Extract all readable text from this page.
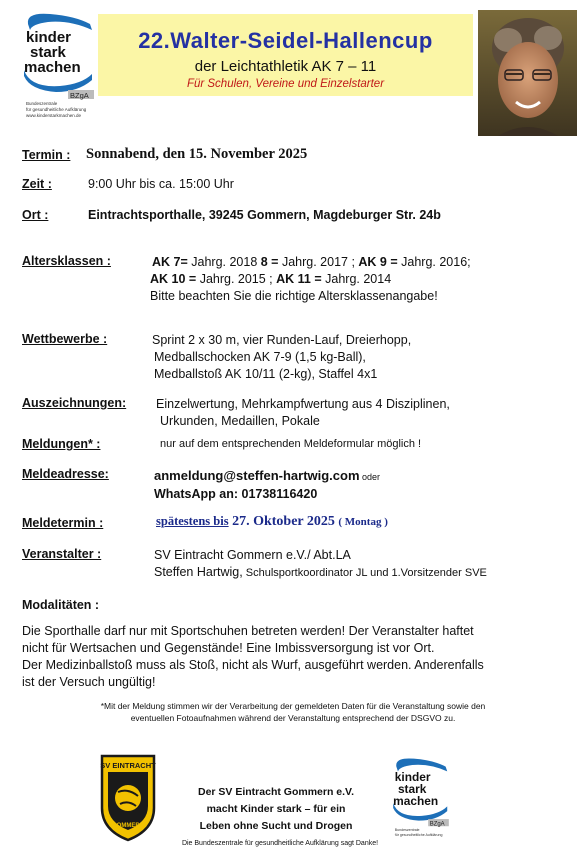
kinder
stark
machen
BZgA
Bundeszentrale
für gesundheitliche Aufklärung
www.kinderstarkmachen.de
22.Walter-Seidel-Hallencup
der Leichtathletik AK 7 – 11
Für Schulen, Vereine und Einzelstarter
Termin : Sonnabend, den 15. November 2025
Zeit :	9:00 Uhr bis ca. 15:00 Uhr
Ort :	Eintrachtsporthalle, 39245 Gommern, Magdeburger Str. 24b
Altersklassen :	AK 7= Jahrg. 2018 8 = Jahrg. 2017 ; AK 9 = Jahrg. 2016;
AK 10 = Jahrg. 2015 ; AK 11 = Jahrg. 2014
Bitte beachten Sie die richtige Altersklassenangabe!
Wettbewerbe :	Sprint 2 x 30 m, vier Runden-Lauf, Dreierhopp,
Medballschocken AK 7-9 (1,5 kg-Ball),
Medballstoß AK 10/11 (2-kg), Staffel 4x1
Auszeichnungen: Einzelwertung, Mehrkampfwertung aus 4 Disziplinen,
Urkunden, Medaillen, Pokale
Meldungen* :	nur auf dem entsprechenden Meldeformular möglich !
Meldeadresse:	anmeldung@steffen-hartwig.com oder
WhatsApp an: 01738116420
Meldetermin :	spätestens bis 27. Oktober 2025 ( Montag )
Veranstalter :	SV Eintracht Gommern e.V./ Abt.LA
Steffen Hartwig, Schulsportkoordinator JL und 1.Vorsitzender SVE
Modalitäten :
Die Sporthalle darf nur mit Sportschuhen betreten werden! Der Veranstalter haftet
nicht für Wertsachen und Gegenstände! Eine Imbissversorgung ist vor Ort.
Der Medizinballstoß muss als Stoß, nicht als Wurf, ausgeführt werden. Anderenfalls
ist der Versuch ungültig!
*Mit der Meldung stimmen wir der Verarbeitung der gemeldeten Daten für die Veranstaltung sowie den
eventuellen Fotoaufnahmen während der Veranstaltung entsprechend der DSGVO zu.
SV EINTRACHT
GOMMERN
Der SV Eintracht Gommern e.V.
macht Kinder stark – für ein
Leben ohne Sucht und Drogen
Die Bundeszentrale für gesundheitliche Aufklärung sagt Danke!
kinder
stark
machen
BZgA
Bundeszentrale
für gesundheitliche Aufklärung
